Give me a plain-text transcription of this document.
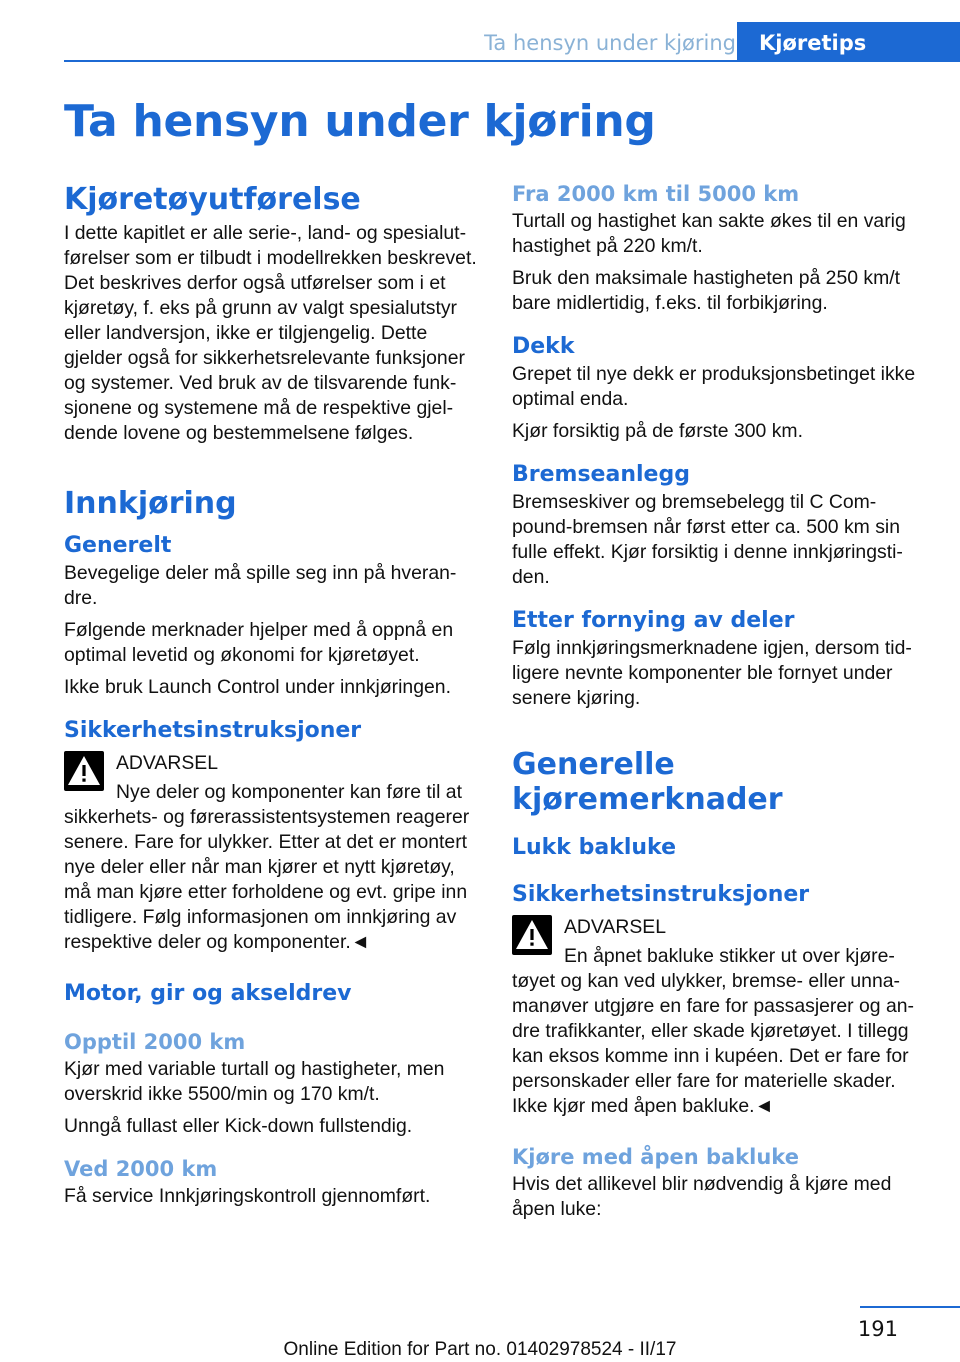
Ta hensyn under kjøring	Kjøretips
Ta hensyn under kjøring
Kjøretøyutførelse

I dette kapitlet er alle serie-, land- og spesialutførelser som er tilbudt i modellrekken beskrevet. Det beskrives derfor også utførelser som i et kjøretøy, f. eks på grunn av valgt spesialutstyr eller landversjon, ikke er tilgjengelig. Dette gjelder også for sikkerhetsrelevante funksjoner og systemer. Ved bruk av de tilsvarende funksjonene og systemene må de respektive gjeldende lovene og bestemmelsene følges.

Innkjøring
Generelt

Bevegelige deler må spille seg inn på hverandre.

Følgende merknader hjelper med å oppnå en optimal levetid og økonomi for kjøretøyet.

Ikke bruk Launch Control under innkjøringen.

Sikkerhetsinstruksjoner

ADVARSEL

Nye deler og komponenter kan føre til at sikkerhets- og førerassistentsystemen reagerer senere. Fare for ulykker. Etter at det er montert nye deler eller når man kjører et nytt kjøretøy, må man kjøre etter forholdene og evt. gripe inn tidligere. Følg informasjonen om innkjøring av respektive deler og komponenter.◄

Motor, gir og akseldrev
Opptil 2000 km

Kjør med variable turtall og hastigheter, men overskrid ikke 5500/min og 170 km/t.

Unngå fullast eller Kick-down fullstendig.

Ved 2000 km

Få service Innkjøringskontroll gjennomført.

Fra 2000 km til 5000 km

Turtall og hastighet kan sakte økes til en varig hastighet på 220 km/t.

Bruk den maksimale hastigheten på 250 km/t bare midlertidig, f.eks. til forbikjøring.

Dekk

Grepet til nye dekk er produksjonsbetinget ikke optimal enda.

Kjør forsiktig på de første 300 km.

Bremseanlegg

Bremseskiver og bremsebelegg til C Compound-bremsen når først etter ca. 500 km sin fulle effekt. Kjør forsiktig i denne innkjøringstiden.

Etter fornying av deler

Følg innkjøringsmerknadene igjen, dersom tidligere nevnte komponenter ble fornyet under senere kjøring.

Generelle kjøremerknader
Lukk bakluke
Sikkerhetsinstruksjoner

ADVARSEL

En åpnet bakluke stikker ut over kjøretøyet og kan ved ulykker, bremse- eller unnamanøver utgjøre en fare for passasjerer og andre trafikkanter, eller skade kjøretøyet. I tillegg kan eksos komme inn i kupéen. Det er fare for personskader eller fare for materielle skader. Ikke kjør med åpen bakluke.◄

Kjøre med åpen bakluke

Hvis det allikevel blir nødvendig å kjøre med åpen luke:

191
Online Edition for Part no. 01402978524 - II/17
